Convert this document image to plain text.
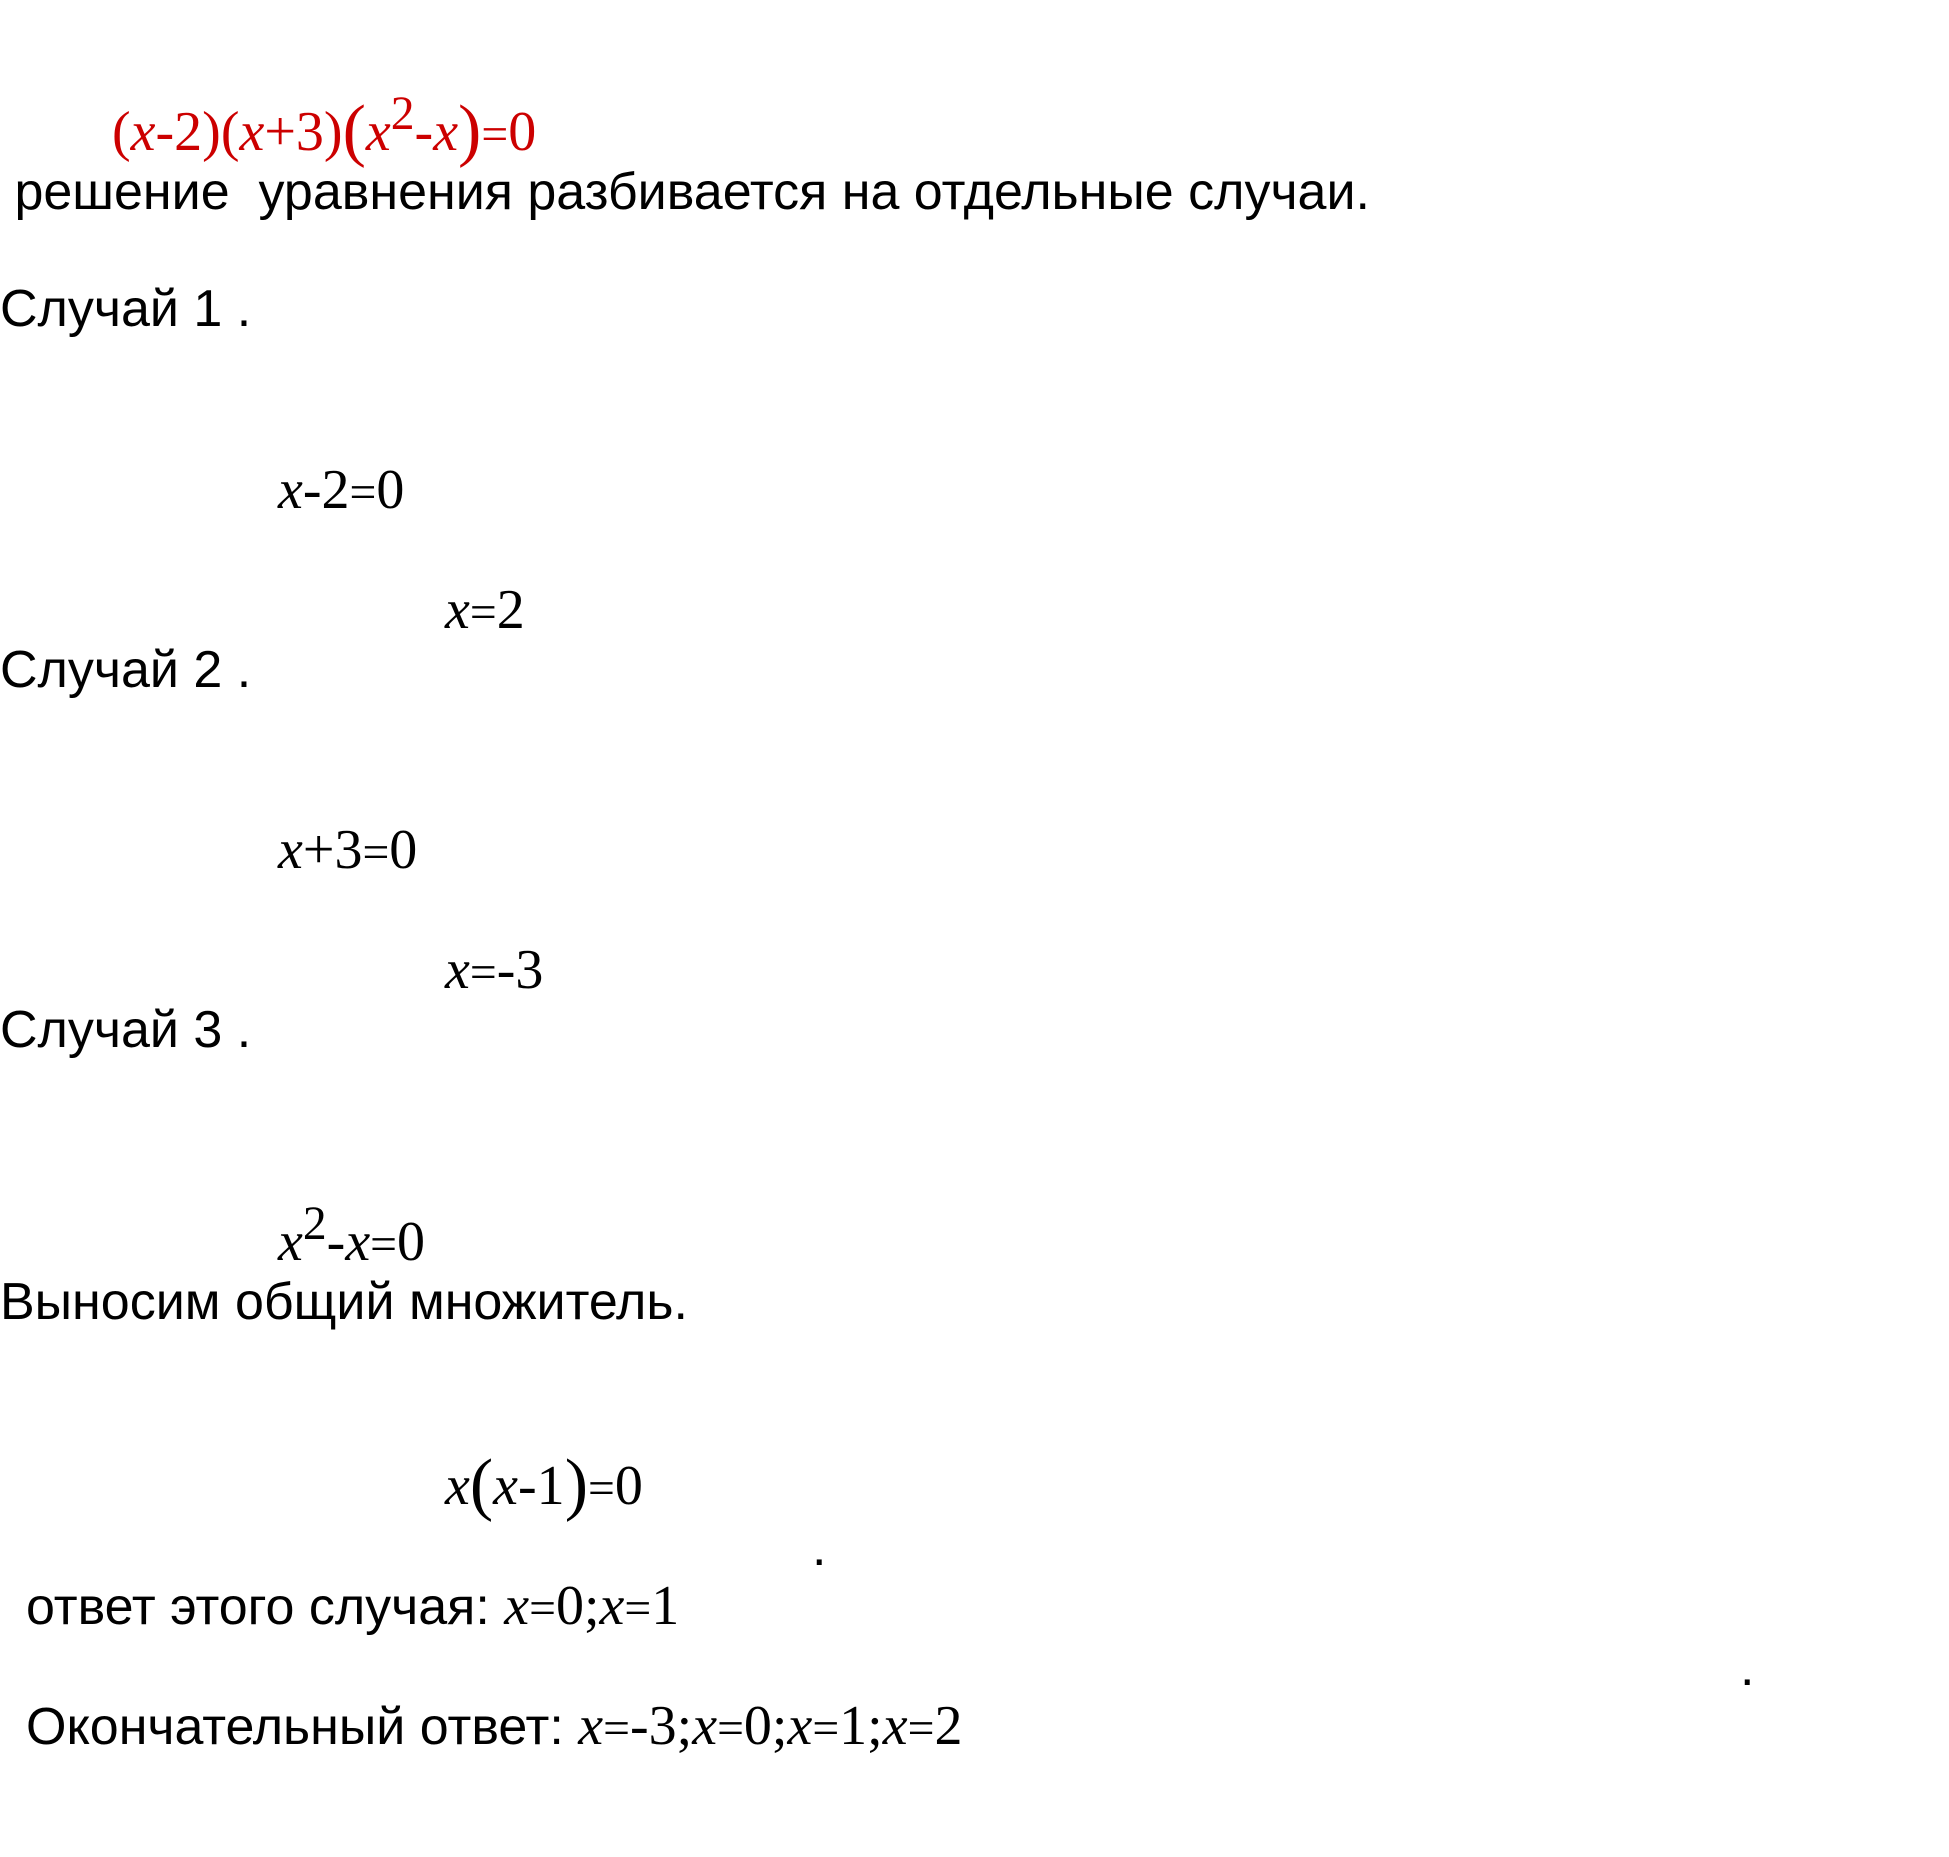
$(x-2)(x+3)(x^2-x)=0$

решение  уравнения разбивается на отдельные случаи.
Случай 1 .

x-2=0

x=2

Случай 2 .

x+3=0

x=-3

Случай 3 .

$x^2-x=0$

Выносим общий множитель.

x(x-1)=0

ответ этого случая: x=0;x=1

.

Окончательный ответ: x=-3;x=0;x=1;x=2

.
